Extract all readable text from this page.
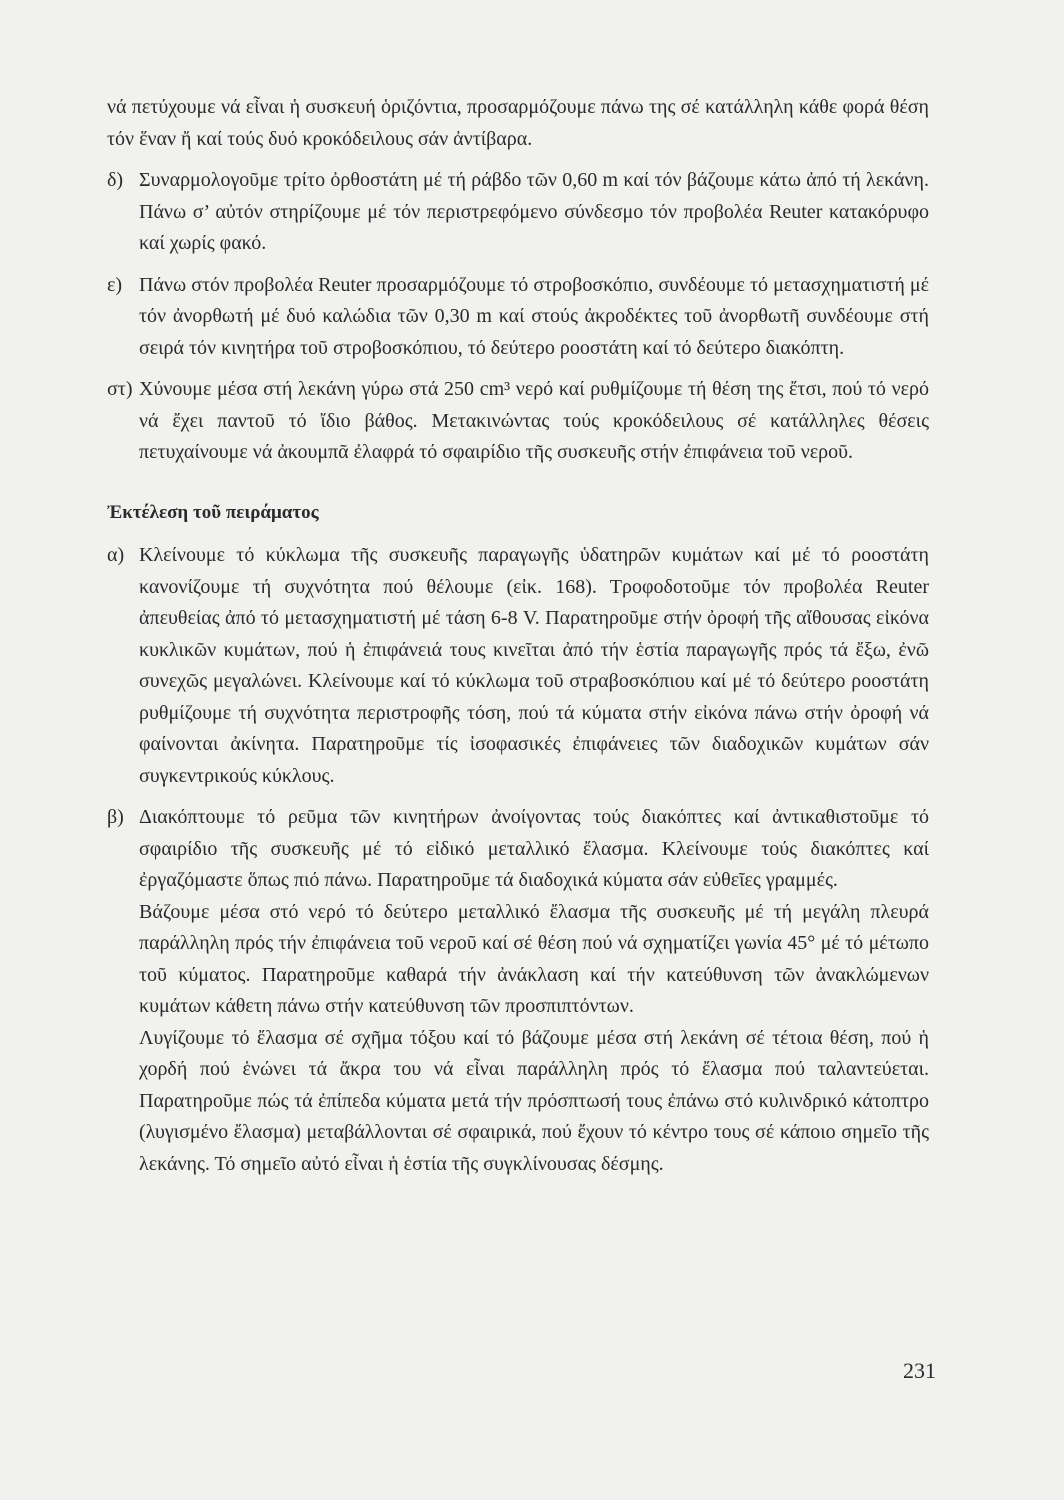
νά πετύχουμε νά εἶναι ἡ συσκευή ὁριζόντια, προσαρμόζουμε πάνω της σέ κατάλληλη κάθε φορά θέση τόν ἕναν ἤ καί τούς δυό κροκόδειλους σάν ἀντίβαρα.

δ) Συναρμολογοῦμε τρίτο ὀρθοστάτη μέ τή ράβδο τῶν 0,60 m καί τόν βάζουμε κάτω ἀπό τή λεκάνη. Πάνω σ’ αὐτόν στηρίζουμε μέ τόν περιστρεφόμενο σύνδεσμο τόν προβολέα Reuter κατακόρυφο καί χωρίς φακό.

ε) Πάνω στόν προβολέα Reuter προσαρμόζουμε τό στροβοσκόπιο, συνδέουμε τό μετασχηματιστή μέ τόν ἀνορθωτή μέ δυό καλώδια τῶν 0,30 m καί στούς ἀκροδέκτες τοῦ ἀνορθωτῆ συνδέουμε στή σειρά τόν κινητήρα τοῦ στροβοσκόπιου, τό δεύτερο ροοστάτη καί τό δεύτερο διακόπτη.

στ) Χύνουμε μέσα στή λεκάνη γύρω στά 250 cm³ νερό καί ρυθμίζουμε τή θέση της ἔτσι, πού τό νερό νά ἔχει παντοῦ τό ἴδιο βάθος. Μετακινώντας τούς κροκόδειλους σέ κατάλληλες θέσεις πετυχαίνουμε νά ἀκουμπᾶ ἐλαφρά τό σφαιρίδιο τῆς συσκευῆς στήν ἐπιφάνεια τοῦ νεροῦ.

Ἐκτέλεση τοῦ πειράματος
α) Κλείνουμε τό κύκλωμα τῆς συσκευῆς παραγωγῆς ὑδατηρῶν κυμάτων καί μέ τό ροοστάτη κανονίζουμε τή συχνότητα πού θέλουμε (εἰκ. 168). Τροφοδοτοῦμε τόν προβολέα Reuter ἀπευθείας ἀπό τό μετασχηματιστή μέ τάση 6-8 V. Παρατηροῦμε στήν ὀροφή τῆς αἴθουσας εἰκόνα κυκλικῶν κυμάτων, πού ἡ ἐπιφάνειά τους κινεῖται ἀπό τήν ἑστία παραγωγῆς πρός τά ἔξω, ἐνῶ συνεχῶς μεγαλώνει. Κλείνουμε καί τό κύκλωμα τοῦ στραβοσκόπιου καί μέ τό δεύτερο ροοστάτη ρυθμίζουμε τή συχνότητα περιστροφῆς τόση, πού τά κύματα στήν εἰκόνα πάνω στήν ὀροφή νά φαίνονται ἀκίνητα. Παρατηροῦμε τίς ἰσοφασικές ἐπιφάνειες τῶν διαδοχικῶν κυμάτων σάν συγκεντρικούς κύκλους.

β) Διακόπτουμε τό ρεῦμα τῶν κινητήρων ἀνοίγοντας τούς διακόπτες καί ἀντικαθιστοῦμε τό σφαιρίδιο τῆς συσκευῆς μέ τό εἰδικό μεταλλικό ἔλασμα. Κλείνουμε τούς διακόπτες καί ἐργαζόμαστε ὅπως πιό πάνω. Παρατηροῦμε τά διαδοχικά κύματα σάν εὐθεῖες γραμμές.

Βάζουμε μέσα στό νερό τό δεύτερο μεταλλικό ἔλασμα τῆς συσκευῆς μέ τή μεγάλη πλευρά παράλληλη πρός τήν ἐπιφάνεια τοῦ νεροῦ καί σέ θέση πού νά σχηματίζει γωνία 45° μέ τό μέτωπο τοῦ κύματος. Παρατηροῦμε καθαρά τήν ἀνάκλαση καί τήν κατεύθυνση τῶν ἀνακλώμενων κυμάτων κάθετη πάνω στήν κατεύθυνση τῶν προσπιπτόντων.

Λυγίζουμε τό ἔλασμα σέ σχῆμα τόξου καί τό βάζουμε μέσα στή λεκάνη σέ τέτοια θέση, πού ἡ χορδή πού ἑνώνει τά ἄκρα του νά εἶναι παράλληλη πρός τό ἔλασμα πού ταλαντεύεται. Παρατηροῦμε πώς τά ἐπίπεδα κύματα μετά τήν πρόσπτωσή τους ἐπάνω στό κυλινδρικό κάτοπτρο (λυγισμένο ἔλασμα) μεταβάλλονται σέ σφαιρικά, πού ἔχουν τό κέντρο τους σέ κάποιο σημεῖο τῆς λεκάνης. Τό σημεῖο αὐτό εἶναι ἡ ἑστία τῆς συγκλίνουσας δέσμης.

231
